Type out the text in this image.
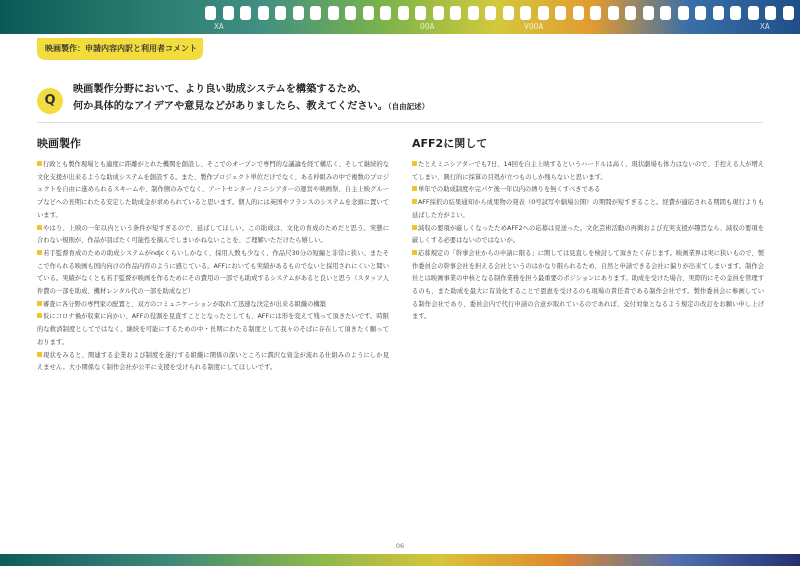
XA	OOA	VOOA	XA
映画製作：申請内容内訳と利用者コメント
Q
映画製作分野において、より良い助成システムを構築するため、
何か具体的なアイデアや意見などがありましたら、教えてください。（自由記述）
映画製作

行政とも製作現場とも適度に距離がとれた機関を創設し、そこでのオープンで専門的な議論を経て構広く、そして継続的な文化支援が出来るような助成システムを創設する。また、製作プロジェクト単位だけでなく、ある枠組みの中で複数のプロジェクトを自由に進められるスキームや、制作側のみでなく、アートセンター /ミニシアターの運営や映画祭、自主上映グループなどへの長期にわたる安定した助成金が求められていると思います。個人的には英国やフランスのシステムを念頭に置いています。

やはり、上映の一年以内という条件が短すぎるので、延ばしてほしい。この助成は、文化の育成のためだと思う。実態に合わない規則が、作品が羽ばたく可能性を摘んでしまいかねないことを、ご理解いただけたら嬉しい。

若手監督育成のための助成システムがndjcくらいしかなく、採用人数も少なく、作品尺30分の短編と非常に狭い。またそこで作られる映画も国内向けの作品内容のように感じている。AFFにおいても実績があるものでないと採用されにくいと聞いている。実績がなくとも若手監督が映画を作るためにその費用の一部でも助成するシステムがあると良いと思う（スタッフ人件費の一部を助成、機材レンタル代の一部を助成など）

審査に各分野の専門家の配置と、双方のコミュニケーションが取れて迅速な決定が出来る組織の構築

仮にコロナ禍が収束に向かい、AFFの役割を見直すこととなったとしても、AFFには形を変えて残って頂きたいです。時限的な救済制度としてではなく、継続を可能にするための中・長期にわたる制度として我々のそばに存在して頂きたく願っております。

現状をみると、関連する企業および制度を遂行する組織に関係の深いところに潤沢な資金が流れる仕組みのようにしか見えません。大小関係なく制作会社が公平に支援を受けられる制度にしてほしいです。

AFF2に関して

たとえミニシアターでも7日、14回を自主上映するというハードルは高く、現状劇場も体力はないので、手控える人が増えてしまい、興行的に採算の目処が立つものしか残らないと思います。

単年での助成制度や完パケ後一年以内の縛りを無くすべきである

AFF採択の結果通知から成果物の発表（0号試写や劇場公開）の期間が短すぎること。経費が適応される期間も現行よりも延ばした方がよい。

減収の要項が厳しくなったためAFF2への応募は見送った。文化芸術活動の再興および充実支援が趣旨なら、減収の要項を厳しくする必要はないのではないか。

応募規定の「幹事会社からの申請に限る」に関しては見直しを検討して頂きたく存じます。映画業界は実に狭いもので、製作委員会の幹事会社を担える会社というのはかなり限られるため、自然と申請できる会社に偏りが出来てしまいます。制作会社とは映画事業の中核となる制作業務を担う最重要のポジションにあります。助成を受けた場合、実際的にその金員を管理するのも、また助成を最大に有効化することで恩恵を受けるのも現場の責任者である制作会社です。製作委員会に参画している制作会社であり、委員会内で代行申請の合意が取れているのであれば、交付対象となるよう規定の改訂をお願い申し上げます。

06
